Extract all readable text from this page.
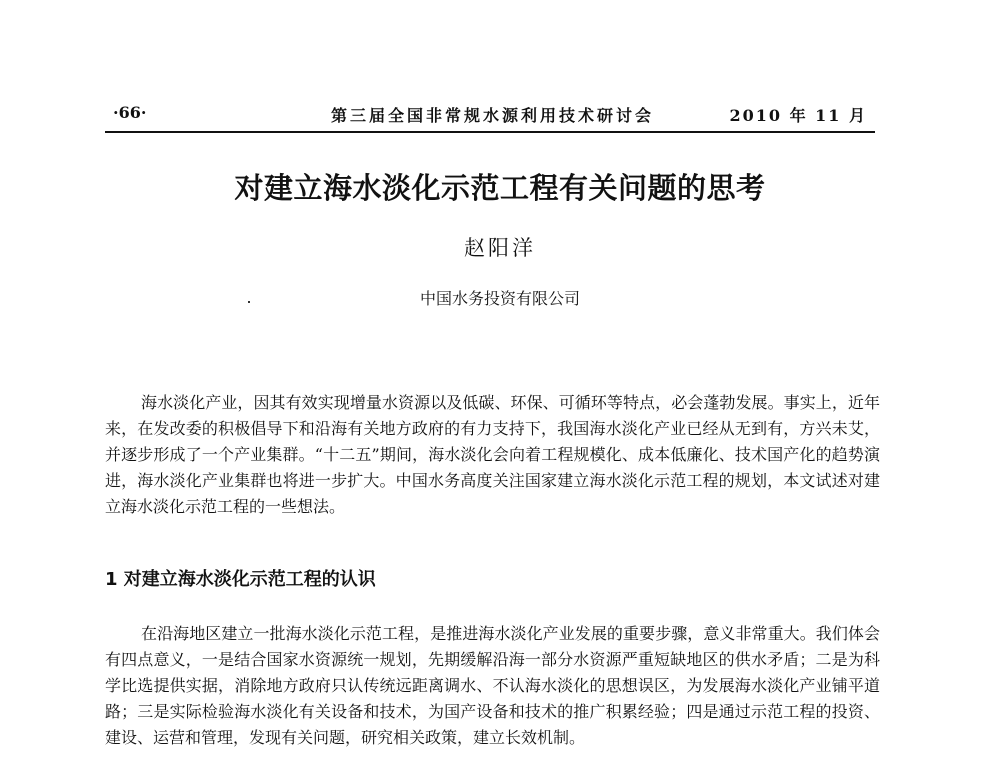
·66·	第三届全国非常规水源利用技术研讨会	2010 年 11 月
对建立海水淡化示范工程有关问题的思考
赵阳洋
中国水务投资有限公司

海水淡化产业，因其有效实现增量水资源以及低碳、环保、可循环等特点，必会蓬勃发展。事实上，近年来，在发改委的积极倡导下和沿海有关地方政府的有力支持下，我国海水淡化产业已经从无到有，方兴未艾，并逐步形成了一个产业集群。“十二五”期间，海水淡化会向着工程规模化、成本低廉化、技术国产化的趋势演进，海水淡化产业集群也将进一步扩大。中国水务高度关注国家建立海水淡化示范工程的规划，本文试述对建立海水淡化示范工程的一些想法。

1 对建立海水淡化示范工程的认识

在沿海地区建立一批海水淡化示范工程，是推进海水淡化产业发展的重要步骤，意义非常重大。我们体会有四点意义，一是结合国家水资源统一规划，先期缓解沿海一部分水资源严重短缺地区的供水矛盾；二是为科学比选提供实据，消除地方政府只认传统远距离调水、不认海水淡化的思想误区，为发展海水淡化产业铺平道路；三是实际检验海水淡化有关设备和技术，为国产设备和技术的推广积累经验；四是通过示范工程的投资、建设、运营和管理，发现有关问题，研究相关政策，建立长效机制。
